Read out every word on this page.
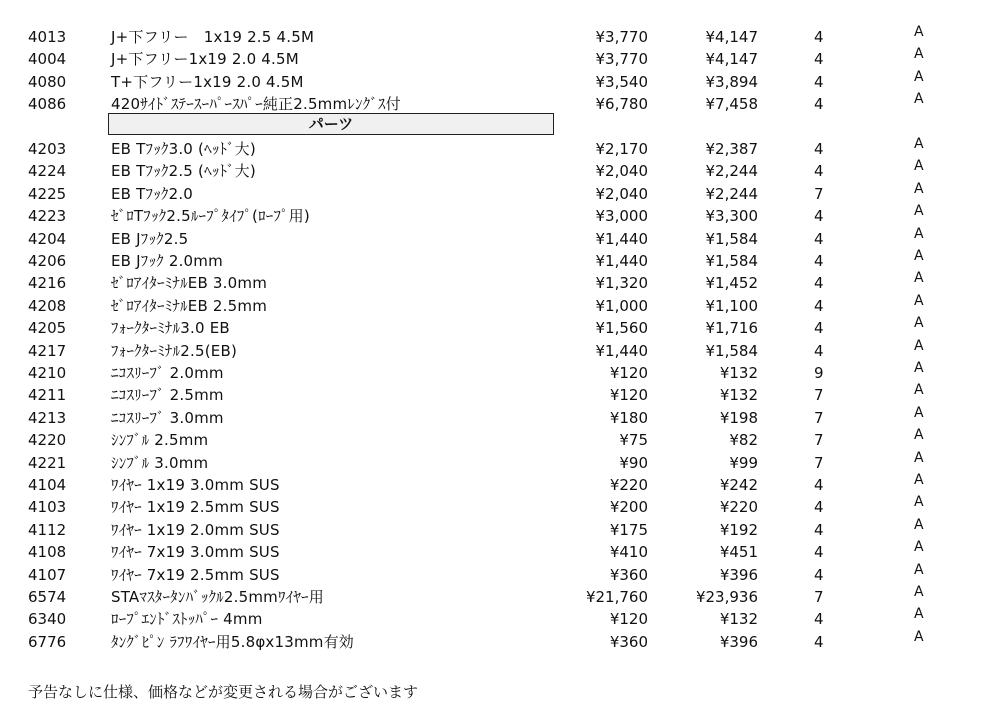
4013	J+下フリー　1x19 2.5 4.5M	¥3,770	¥4,147	4	A
4004	J+下フリー1x19 2.0 4.5M	¥3,770	¥4,147	4	A
4080	T+下フリー1x19 2.0 4.5M	¥3,540	¥3,894	4	A
4086	420ｻｲﾄﾞｽﾃｰｽｰﾊﾟｰｽﾊﾟｰ純正2.5mmﾚﾝｸﾞｽ付	¥6,780	¥7,458	4	A
パーツ
4203	EB Tﾌｯｸ3.0 (ﾍｯﾄﾞ大)	¥2,170	¥2,387	4	A
4224	EB Tﾌｯｸ2.5 (ﾍｯﾄﾞ大)	¥2,040	¥2,244	4	A
4225	EB Tﾌｯｸ2.0	¥2,040	¥2,244	7	A
4223	ｾﾞﾛTﾌｯｸ2.5ﾙｰﾌﾟﾀｲﾌﾟ(ﾛｰﾌﾟ用)	¥3,000	¥3,300	4	A
4204	EB Jﾌｯｸ2.5	¥1,440	¥1,584	4	A
4206	EB Jﾌｯｸ 2.0mm	¥1,440	¥1,584	4	A
4216	ｾﾞﾛｱｲﾀｰﾐﾅﾙEB 3.0mm	¥1,320	¥1,452	4	A
4208	ｾﾞﾛｱｲﾀｰﾐﾅﾙEB 2.5mm	¥1,000	¥1,100	4	A
4205	ﾌｫｰｸﾀｰﾐﾅﾙ3.0 EB	¥1,560	¥1,716	4	A
4217	ﾌｫｰｸﾀｰﾐﾅﾙ2.5(EB)	¥1,440	¥1,584	4	A
4210	ﾆｺｽﾘｰﾌﾞ 2.0mm	¥120	¥132	9	A
4211	ﾆｺｽﾘｰﾌﾞ 2.5mm	¥120	¥132	7	A
4213	ﾆｺｽﾘｰﾌﾞ 3.0mm	¥180	¥198	7	A
4220	ｼﾝﾌﾞﾙ 2.5mm	¥75	¥82	7	A
4221	ｼﾝﾌﾞﾙ 3.0mm	¥90	¥99	7	A
4104	ﾜｲﾔｰ 1x19 3.0mm SUS	¥220	¥242	4	A
4103	ﾜｲﾔｰ 1x19 2.5mm SUS	¥200	¥220	4	A
4112	ﾜｲﾔｰ 1x19 2.0mm SUS	¥175	¥192	4	A
4108	ﾜｲﾔｰ 7x19 3.0mm SUS	¥410	¥451	4	A
4107	ﾜｲﾔｰ 7x19 2.5mm SUS	¥360	¥396	4	A
6574	STAﾏｽﾀｰﾀﾝﾊﾞｯｸﾙ2.5mmﾜｲﾔｰ用	¥21,760	¥23,936	7	A
6340	ﾛｰﾌﾟｴﾝﾄﾞｽﾄｯﾊﾟｰ 4mm	¥120	¥132	4	A
6776	ﾀﾝｸﾞﾋﾟﾝ ﾗﾌﾜｲﾔｰ用5.8φx13mm有効	¥360	¥396	4	A
予告なしに仕様、価格などが変更される場合がございます
